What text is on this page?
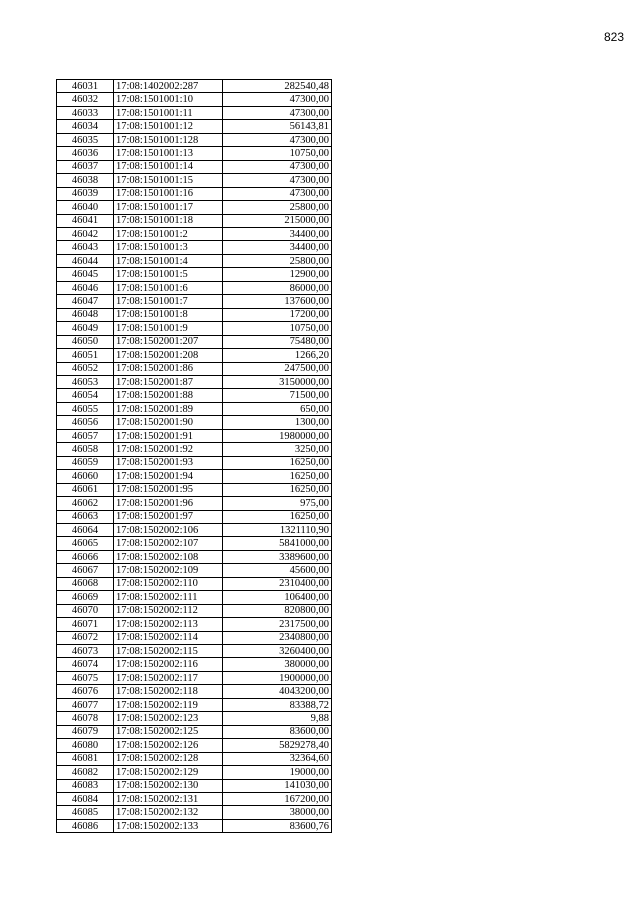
823
46031	17:08:1402002:287	282540,48
46032	17:08:1501001:10	47300,00
46033	17:08:1501001:11	47300,00
46034	17:08:1501001:12	56143,81
46035	17:08:1501001:128	47300,00
46036	17:08:1501001:13	10750,00
46037	17:08:1501001:14	47300,00
46038	17:08:1501001:15	47300,00
46039	17:08:1501001:16	47300,00
46040	17:08:1501001:17	25800,00
46041	17:08:1501001:18	215000,00
46042	17:08:1501001:2	34400,00
46043	17:08:1501001:3	34400,00
46044	17:08:1501001:4	25800,00
46045	17:08:1501001:5	12900,00
46046	17:08:1501001:6	86000,00
46047	17:08:1501001:7	137600,00
46048	17:08:1501001:8	17200,00
46049	17:08:1501001:9	10750,00
46050	17:08:1502001:207	75480,00
46051	17:08:1502001:208	1266,20
46052	17:08:1502001:86	247500,00
46053	17:08:1502001:87	3150000,00
46054	17:08:1502001:88	71500,00
46055	17:08:1502001:89	650,00
46056	17:08:1502001:90	1300,00
46057	17:08:1502001:91	1980000,00
46058	17:08:1502001:92	3250,00
46059	17:08:1502001:93	16250,00
46060	17:08:1502001:94	16250,00
46061	17:08:1502001:95	16250,00
46062	17:08:1502001:96	975,00
46063	17:08:1502001:97	16250,00
46064	17:08:1502002:106	1321110,90
46065	17:08:1502002:107	5841000,00
46066	17:08:1502002:108	3389600,00
46067	17:08:1502002:109	45600,00
46068	17:08:1502002:110	2310400,00
46069	17:08:1502002:111	106400,00
46070	17:08:1502002:112	820800,00
46071	17:08:1502002:113	2317500,00
46072	17:08:1502002:114	2340800,00
46073	17:08:1502002:115	3260400,00
46074	17:08:1502002:116	380000,00
46075	17:08:1502002:117	1900000,00
46076	17:08:1502002:118	4043200,00
46077	17:08:1502002:119	83388,72
46078	17:08:1502002:123	9,88
46079	17:08:1502002:125	83600,00
46080	17:08:1502002:126	5829278,40
46081	17:08:1502002:128	32364,60
46082	17:08:1502002:129	19000,00
46083	17:08:1502002:130	141030,00
46084	17:08:1502002:131	167200,00
46085	17:08:1502002:132	38000,00
46086	17:08:1502002:133	83600,76
